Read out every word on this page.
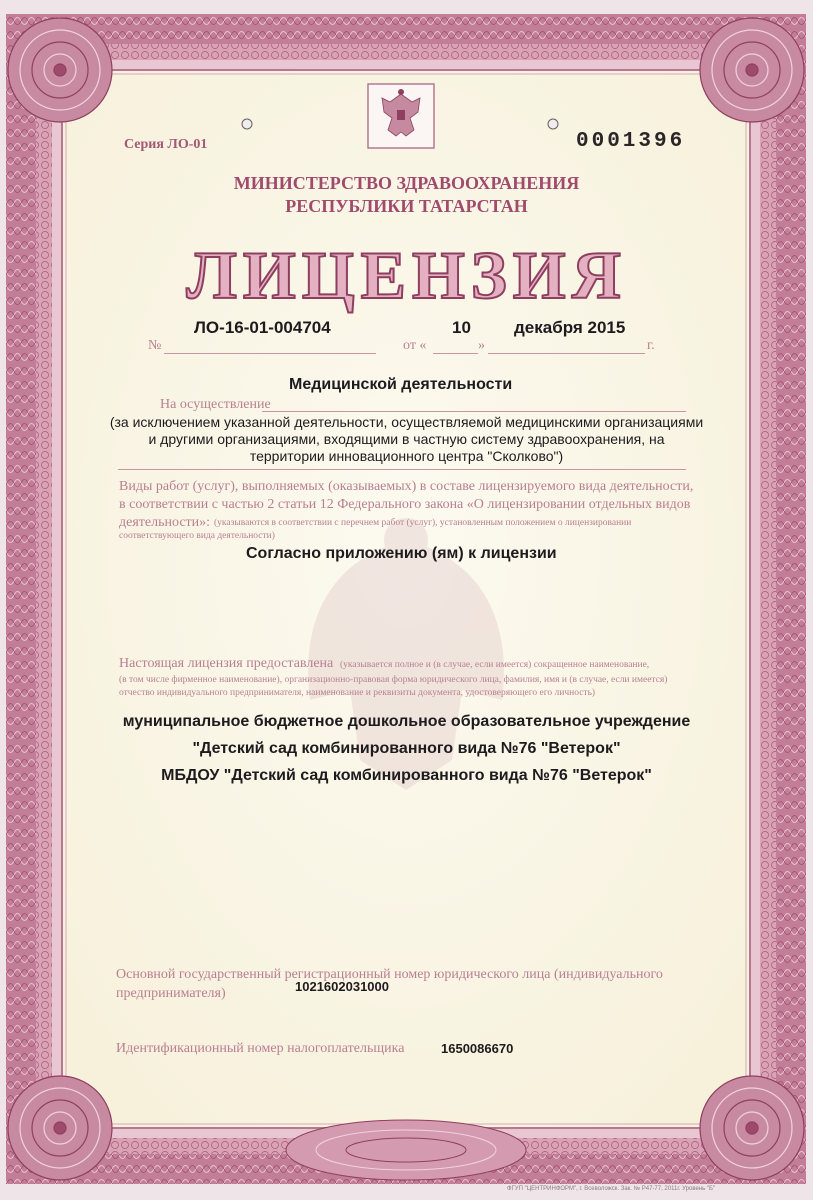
Серия ЛО-01	0001396
МИНИСТЕРСТВО ЗДРАВООХРАНЕНИЯ
РЕСПУБЛИКИ ТАТАРСТАН
ЛИЦЕНЗИЯ
№
ЛО-16-01-004704
от «
10
»
декабря 2015
г.
Медицинской деятельности
На осуществление
(за исключением указанной деятельности, осуществляемой медицинскими организациями
и другими организациями, входящими в частную систему здравоохранения, на
территории инновационного центра "Сколково")
Виды работ (услуг), выполняемых (оказываемых) в составе лицензируемого вида деятельности,
в соответствии с частью 2 статьи 12 Федерального закона «О лицензировании отдельных видов
деятельности»: (указываются в соответствии с перечнем работ (услуг), установленным положением о лицензировании
соответствующего вида деятельности)
Согласно приложению (ям) к лицензии
Настоящая лицензия предоставлена (указывается полное и (в случае, если имеется) сокращенное наименование,
(в том числе фирменное наименование), организационно-правовая форма юридического лица, фамилия, имя и (в случае, если имеется)
отчество индивидуального предпринимателя, наименование и реквизиты документа, удостоверяющего его личность)
муниципальное бюджетное дошкольное образовательное учреждение
"Детский сад комбинированного вида №76 "Ветерок"
МБДОУ "Детский сад комбинированного вида №76 "Ветерок"
Основной государственный регистрационный номер юридического лица (индивидуального
предпринимателя)	1021602031000
Идентификационный номер налогоплательщика	1650086670
ФГУП "ЦЕНТРИНФОРМ", г. Всеволожск. Зак. № Р47-77, 2011г. Уровень "Б"
